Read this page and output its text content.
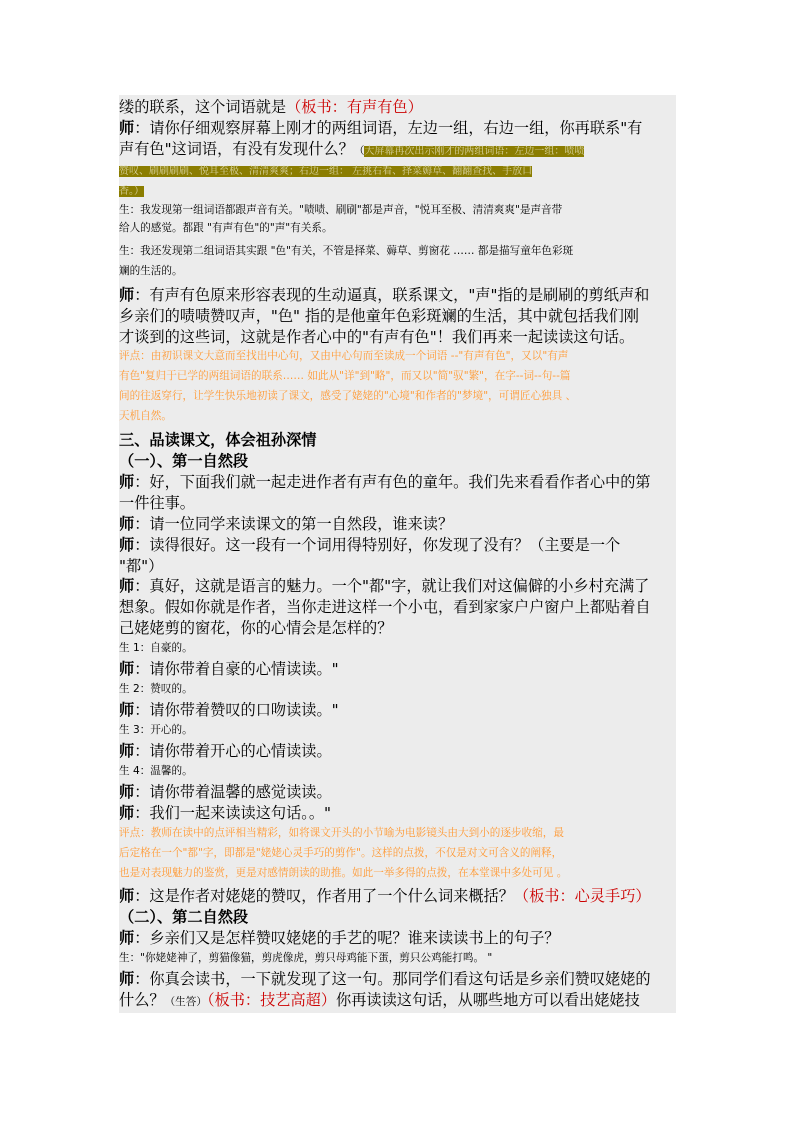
缕的联系，这个词语就是（板书：有声有色）
师：请你仔细观察屏幕上刚才的两组词语，左边一组，右边一组，你再联系"有
声有色"这词语，有没有发现什么？（大屏幕再次出示刚才的两组词语：左边一组：啧啧
赞叹、刷刷刷刷、悦耳至极、清清爽爽；右边一组： 左挑右看、择菜薅草、翻翻查找、手放口
香。）
生：我发现第一组词语都跟声音有关。"啧啧、刷刷"都是声音，"悦耳至极、清清爽爽"是声音带
给人的感觉。都跟 "有声有色"的"声"有关系。
生：我还发现第二组词语其实跟 "色"有关，不管是择菜、薅草、剪窗花 …… 都是描写童年色彩斑
斓的生活的。
师：有声有色原来形容表现的生动逼真，联系课文，"声"指的是刷刷的剪纸声和
乡亲们的啧啧赞叹声，"色" 指的是他童年色彩斑斓的生活，其中就包括我们刚
才谈到的这些词，这就是作者心中的"有声有色"！我们再来一起读读这句话。
评点：由初识课文大意而至找出中心句，又由中心句而至读成一个词语 --"有声有色"，又以"有声
有色"复归于已学的两组词语的联系…… 如此从"详"到"略"，而又以"简"驭"繁"，在字--词--句--篇
间的往返穿行，让学生快乐地初读了课文，感受了姥姥的"心境"和作者的"梦境"，可谓匠心独具 、
天机自然。
三、品读课文，体会祖孙深情
（一）、第一自然段
师：好，下面我们就一起走进作者有声有色的童年。我们先来看看作者心中的第
一件往事。
师：请一位同学来读课文的第一自然段，谁来读？
师：读得很好。这一段有一个词用得特别好，你发现了没有？（主要是一个
"都"）
师：真好，这就是语言的魅力。一个"都"字，就让我们对这偏僻的小乡村充满了
想象。假如你就是作者，当你走进这样一个小屯，看到家家户户窗户上都贴着自
己姥姥剪的窗花，你的心情会是怎样的？
生 1：自豪的。
师：请你带着自豪的心情读读。"
生 2：赞叹的。
师：请你带着赞叹的口吻读读。"
生 3：开心的。
师：请你带着开心的心情读读。
生 4：温馨的。
师：请你带着温馨的感觉读读。
师：我们一起来读读这句话。。"
评点：教师在读中的点评相当精彩，如将课文开头的小节喻为电影镜头由大到小的逐步收缩，最
后定格在一个"都"字，即都是"姥姥心灵手巧的剪作"。这样的点拨，不仅是对文可含义的阐释，
也是对表现魅力的鉴赏，更是对感情朗读的助推。如此一举多得的点拨，在本堂课中多处可见 。
师：这是作者对姥姥的赞叹，作者用了一个什么词来概括？（板书：心灵手巧）
（二）、第二自然段
师：乡亲们又是怎样赞叹姥姥的手艺的呢？谁来读读书上的句子？
生："你姥姥神了，剪猫像猫，剪虎像虎，剪只母鸡能下蛋，剪只公鸡能打鸣。 "
师：你真会读书，一下就发现了这一句。那同学们看这句话是乡亲们赞叹姥姥的
什么？（生答）（板书：技艺高超）你再读读这句话，从哪些地方可以看出姥姥技
